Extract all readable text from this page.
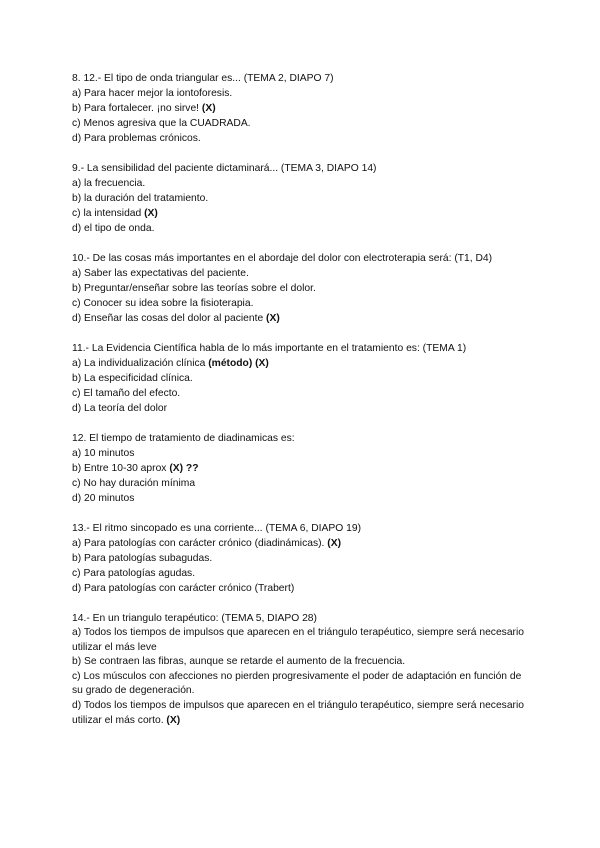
8. 12.- El tipo de onda triangular es... (TEMA 2, DIAPO 7)
a) Para hacer mejor la iontoforesis.
b) Para fortalecer. ¡no sirve! (X)
c) Menos agresiva que la CUADRADA.
d) Para problemas crónicos.
9.- La sensibilidad del paciente dictaminará... (TEMA 3, DIAPO 14)
a) la frecuencia.
b) la duración del tratamiento.
c) la intensidad (X)
d) el tipo de onda.
10.- De las cosas más importantes en el abordaje del dolor con electroterapia será: (T1, D4)
a) Saber las expectativas del paciente.
b) Preguntar/enseñar sobre las teorías sobre el dolor.
c) Conocer su idea sobre la fisioterapia.
d) Enseñar las cosas del dolor al paciente (X)
11.- La Evidencia Científica habla de lo más importante en el tratamiento es: (TEMA 1)
a) La individualización clínica (método) (X)
b) La especificidad clínica.
c) El tamaño del efecto.
d) La teoría del dolor
12. El tiempo de tratamiento de diadinamicas es:
a) 10 minutos
b) Entre 10-30 aprox (X) ??
c) No hay duración mínima
d) 20 minutos
13.- El ritmo sincopado es una corriente... (TEMA 6, DIAPO 19)
a) Para patologías con carácter crónico (diadinámicas). (X)
b) Para patologías subagudas.
c) Para patologías agudas.
d) Para patologías con carácter crónico (Trabert)
14.- En un triangulo terapéutico: (TEMA 5, DIAPO 28)
a) Todos los tiempos de impulsos que aparecen en el triángulo terapéutico, siempre será necesario utilizar el más leve
b) Se contraen las fibras, aunque se retarde el aumento de la frecuencia.
c) Los músculos con afecciones no pierden progresivamente el poder de adaptación en función de su grado de degeneración.
d) Todos los tiempos de impulsos que aparecen en el triángulo terapéutico, siempre será necesario utilizar el más corto. (X)
